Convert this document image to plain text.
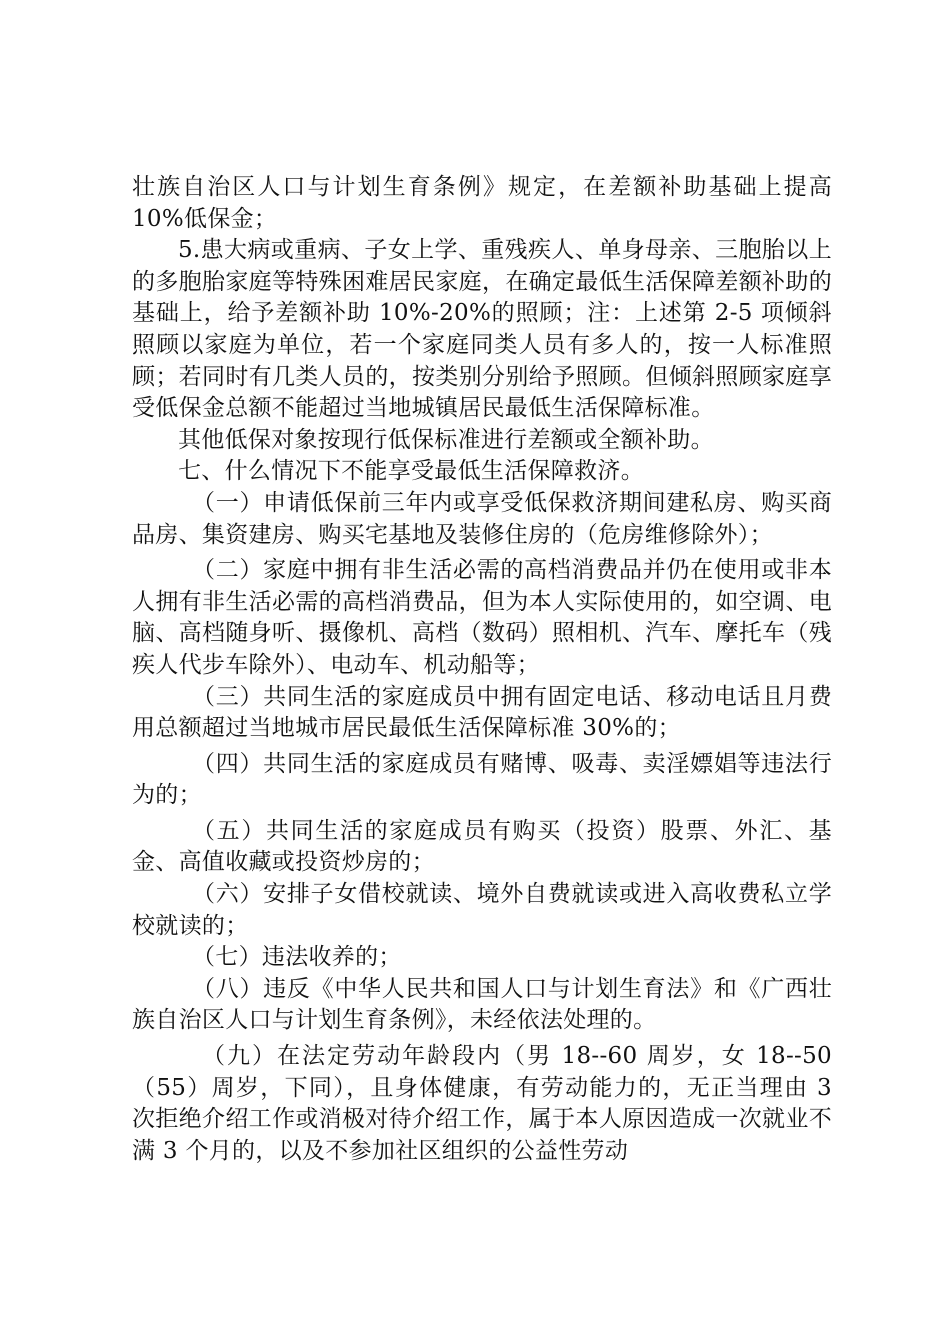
壮族自治区人口与计划生育条例》规定，在差额补助基础上提高 10%低保金；

5.患大病或重病、子女上学、重残疾人、单身母亲、三胞胎以上的多胞胎家庭等特殊困难居民家庭，在确定最低生活保障差额补助的基础上，给予差额补助 10%-20%的照顾；注：上述第 2-5 项倾斜照顾以家庭为单位，若一个家庭同类人员有多人的，按一人标准照顾；若同时有几类人员的，按类别分别给予照顾。但倾斜照顾家庭享受低保金总额不能超过当地城镇居民最低生活保障标准。

其他低保对象按现行低保标准进行差额或全额补助。

七、什么情况下不能享受最低生活保障救济。

（一）申请低保前三年内或享受低保救济期间建私房、购买商品房、集资建房、购买宅基地及装修住房的（危房维修除外）；

（二）家庭中拥有非生活必需的高档消费品并仍在使用或非本人拥有非生活必需的高档消费品，但为本人实际使用的，如空调、电脑、高档随身听、摄像机、高档（数码）照相机、汽车、摩托车（残疾人代步车除外）、电动车、机动船等；

（三）共同生活的家庭成员中拥有固定电话、移动电话且月费用总额超过当地城市居民最低生活保障标准 30%的；

（四）共同生活的家庭成员有赌博、吸毒、卖淫嫖娼等违法行为的；

（五）共同生活的家庭成员有购买（投资）股票、外汇、基金、高值收藏或投资炒房的；

（六）安排子女借校就读、境外自费就读或进入高收费私立学校就读的；

（七）违法收养的；

（八）违反《中华人民共和国人口与计划生育法》和《广西壮族自治区人口与计划生育条例》，未经依法处理的。

（九）在法定劳动年龄段内（男 18--60 周岁，女 18--50（55）周岁，下同），且身体健康，有劳动能力的，无正当理由 3 次拒绝介绍工作或消极对待介绍工作，属于本人原因造成一次就业不满 3 个月的，以及不参加社区组织的公益性劳动
